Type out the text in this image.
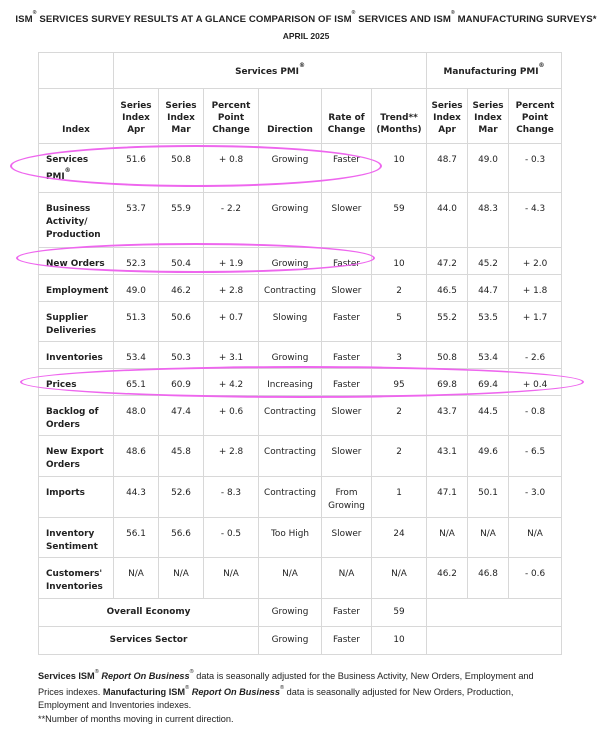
ISM® SERVICES SURVEY RESULTS AT A GLANCE COMPARISON OF ISM® SERVICES AND ISM® MANUFACTURING SURVEYS*
APRIL 2025
	Services PMI®						Manufacturing PMI®
Index	Series Index Apr	Series Index Mar	Percent Point Change	Direction	Rate of Change	Trend** (Months)	Series Index Apr	Series Index Mar	Percent Point Change
Services PMI®	51.6	50.8	+ 0.8	Growing	Faster	10	48.7	49.0	- 0.3
Business Activity/ Production	53.7	55.9	- 2.2	Growing	Slower	59	44.0	48.3	- 4.3
New Orders	52.3	50.4	+ 1.9	Growing	Faster	10	47.2	45.2	+ 2.0
Employment	49.0	46.2	+ 2.8	Contracting	Slower	2	46.5	44.7	+ 1.8
Supplier Deliveries	51.3	50.6	+ 0.7	Slowing	Faster	5	55.2	53.5	+ 1.7
Inventories	53.4	50.3	+ 3.1	Growing	Faster	3	50.8	53.4	- 2.6
Prices	65.1	60.9	+ 4.2	Increasing	Faster	95	69.8	69.4	+ 0.4
Backlog of Orders	48.0	47.4	+ 0.6	Contracting	Slower	2	43.7	44.5	- 0.8
New Export Orders	48.6	45.8	+ 2.8	Contracting	Slower	2	43.1	49.6	- 6.5
Imports	44.3	52.6	- 8.3	Contracting	From Growing	1	47.1	50.1	- 3.0
Inventory Sentiment	56.1	56.6	- 0.5	Too High	Slower	24	N/A	N/A	N/A
Customers' Inventories	N/A	N/A	N/A	N/A	N/A	N/A	46.2	46.8	- 0.6
Overall Economy				Growing	Faster	59			
Services Sector				Growing	Faster	10			
Services ISM® Report On Business® data is seasonally adjusted for the Business Activity, New Orders, Employment and Prices indexes. Manufacturing ISM® Report On Business® data is seasonally adjusted for New Orders, Production, Employment and Inventories indexes.
**Number of months moving in current direction.
